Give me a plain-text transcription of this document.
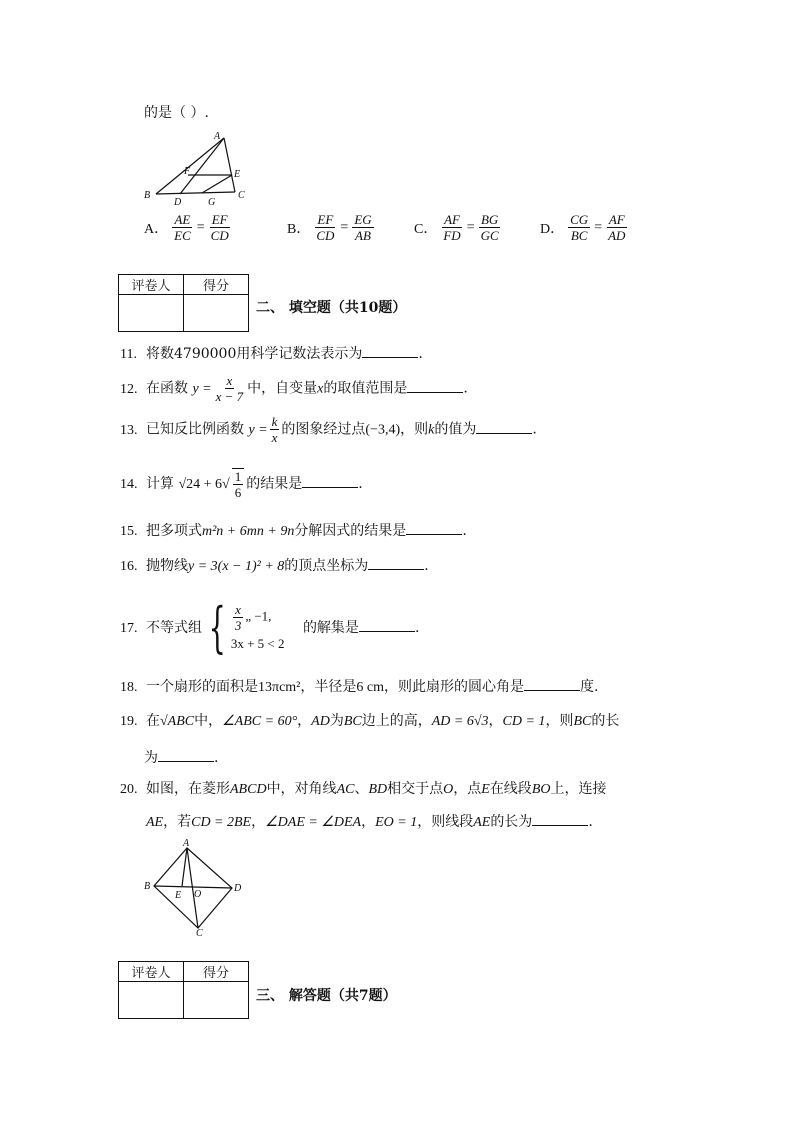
的是（ ）.
A
B	C
D
E
F
G
A． $\frac{AE}{EC} = \frac{EF}{CD}$	B． $\frac{EF}{CD} = \frac{EG}{AB}$	C． $\frac{AF}{FD} = \frac{BG}{GC}$	D． $\frac{CG}{BC} = \frac{AF}{AD}$
评卷人	得分

二、 填空题（共10题）
11. 将数4790000用科学记数法表示为	.
12. 在函数 $y = \frac{x}{x - 7}$ 中，自变量x的取值范围是	.
13. 已知反比例函数 $y = \frac{k}{x}$ 的图象经过点(−3,4)，则k的值为	.
14. 计算 $√24 + 6√ \frac{1}{6}$ 的结果是	.
15. 把多项式m²n + 6mn + 9n分解因式的结果是	.
16. 抛物线y = 3(x − 1)² + 8的顶点坐标为	.
17. 不等式组 { $\frac{x}{3}$ „ −1,
3x + 5 < 2
的解集是	.
18. 一个扇形的面积是13πcm²，半径是6 cm，则此扇形的圆心角是	度.
19. 在√ABC中，∠ABC = 60°，AD为BC边上的高，AD = 6√3，CD = 1，则BC的长
为	.
20. 如图，在菱形ABCD中，对角线AC、BD相交于点O，点E在线段BO上，连接
AE，若CD = 2BE，∠DAE = ∠DEA，EO = 1，则线段AE的长为	.
A
B	D
C
E O
评卷人	得分

三、 解答题（共7题）
